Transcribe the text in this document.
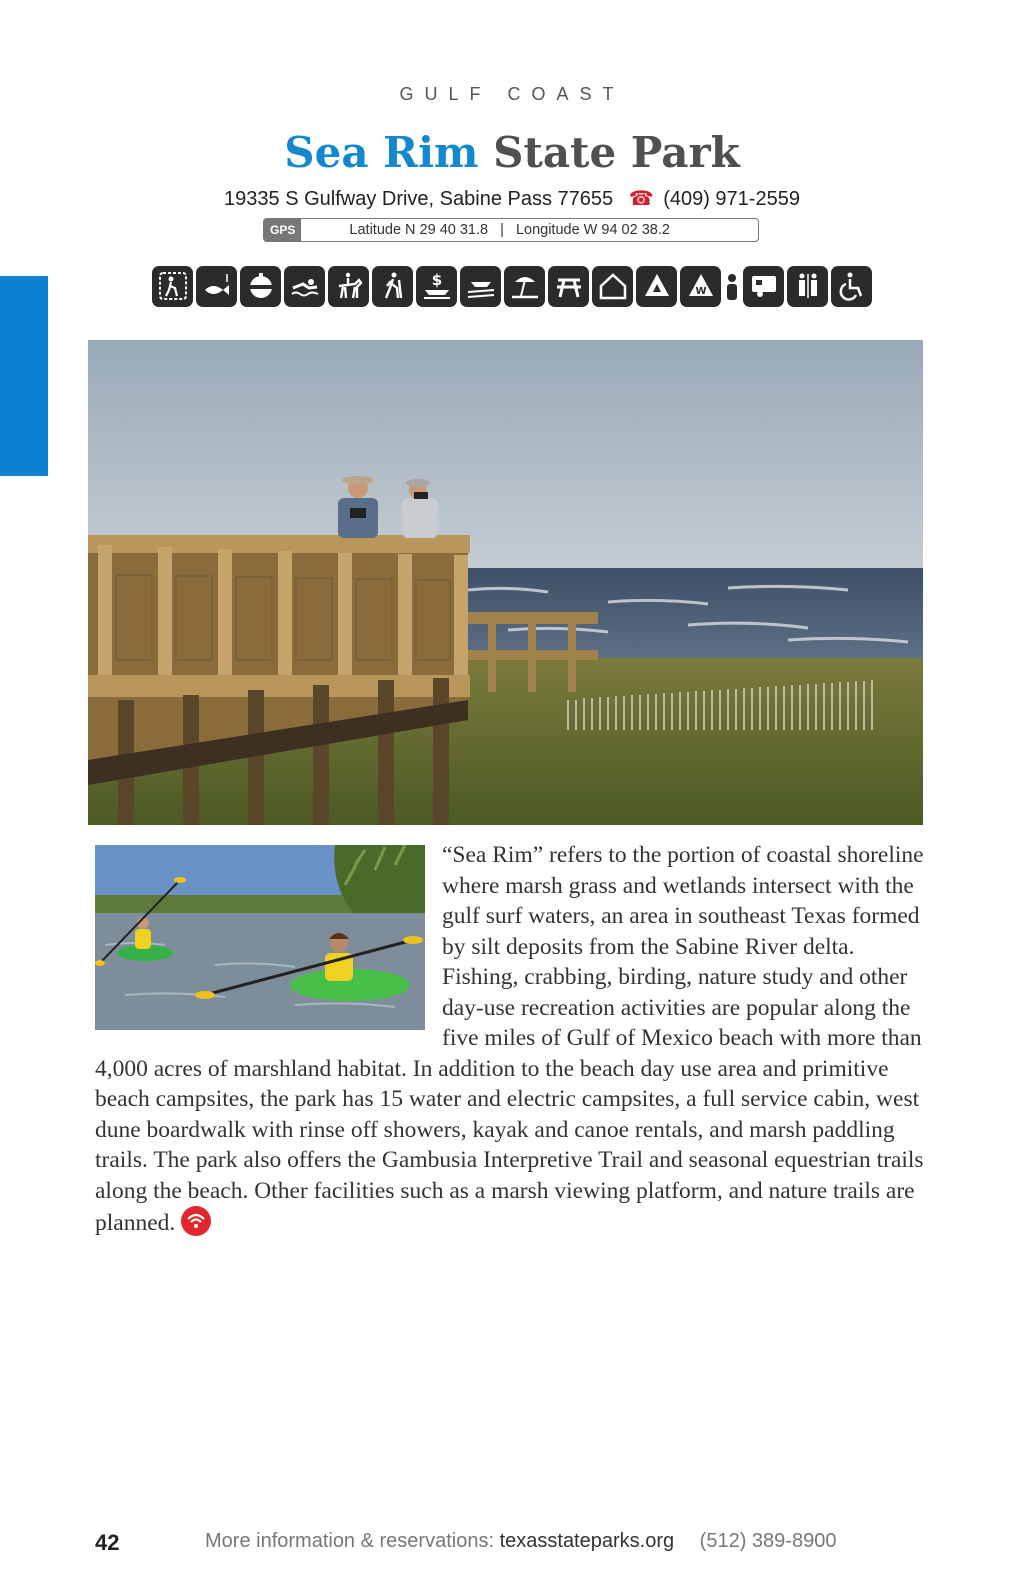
GULF COAST
Sea Rim State Park
19335 S Gulfway Drive, Sabine Pass 77655 ☎ (409) 971-2559
GPS	Latitude N 29 40 31.8 | Longitude W 94 02 38.2
$
W
“Sea Rim” refers to the portion of coastal shoreline where marsh grass and wetlands intersect with the gulf surf waters, an area in southeast Texas formed by silt deposits from the Sabine River delta. Fishing, crabbing, birding, nature study and other day-use recreation activities are popular along the five miles of Gulf of Mexico beach with more than 4,000 acres of marshland habitat. In addition to the beach day use area and primitive beach campsites, the park has 15 water and electric campsites, a full service cabin, west dune boardwalk with rinse off showers, kayak and canoe rentals, and marsh paddling trails. The park also offers the Gambusia Interpretive Trail and seasonal equestrian trails along the beach. Other facilities such as a marsh viewing platform, and nature trails are planned.
42	More information & reservations: texasstateparks.org (512) 389-8900
